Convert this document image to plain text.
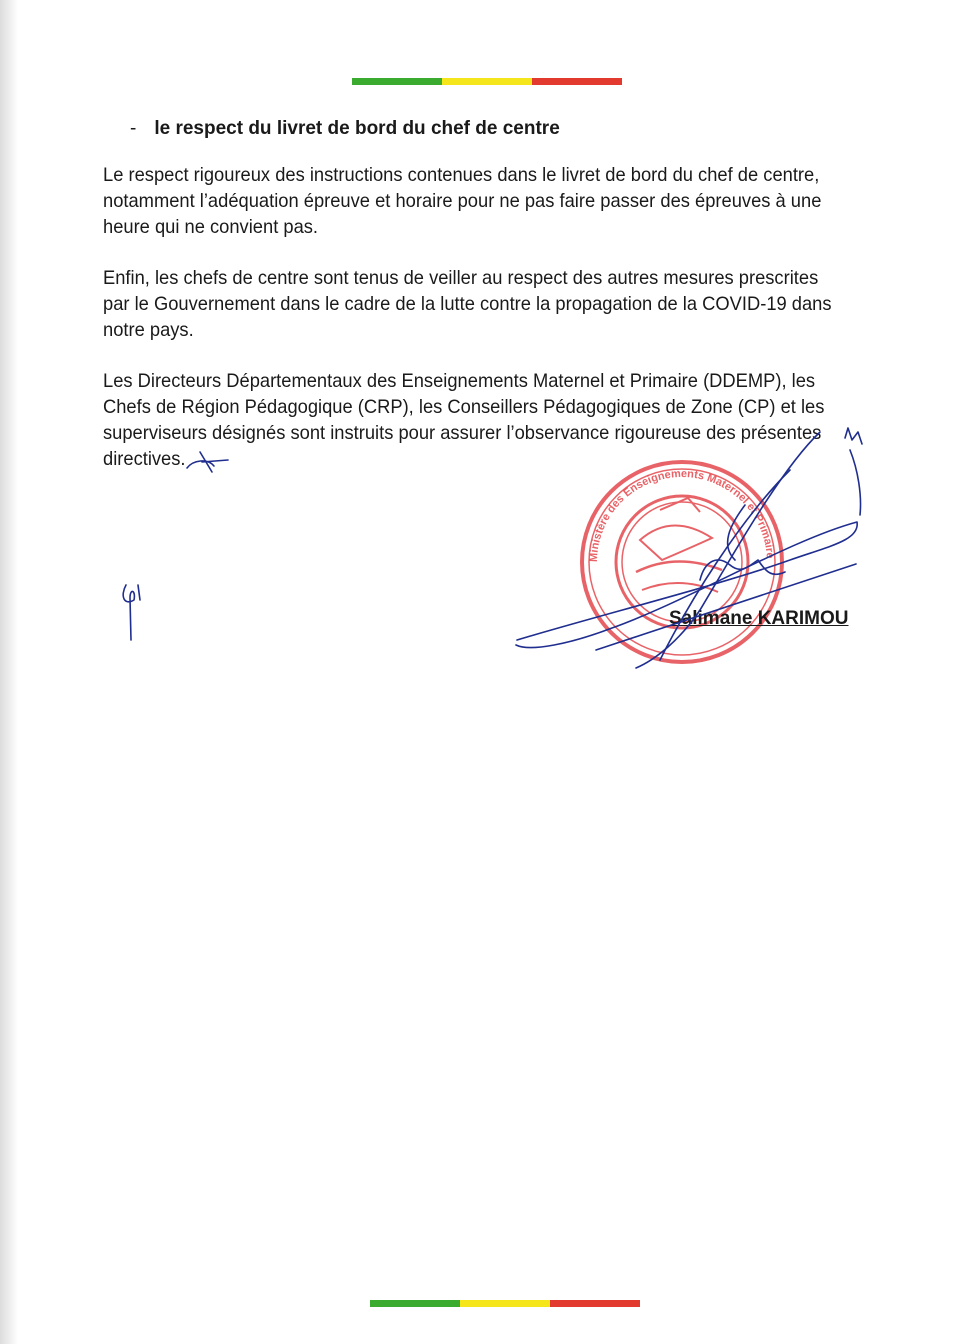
- le respect du livret de bord du chef de centre

Le respect rigoureux des instructions contenues dans le livret de bord du chef de centre,
notamment l’adéquation épreuve et horaire pour ne pas faire passer des épreuves à une
heure qui ne convient pas.

Enfin, les chefs de centre sont tenus de veiller au respect des autres mesures prescrites
par le Gouvernement dans le cadre de la lutte contre la propagation de la COVID-19 dans
notre pays.

Les Directeurs Départementaux des Enseignements Maternel et Primaire (DDEMP), les
Chefs de Région Pédagogique (CRP), les Conseillers Pédagogiques de Zone (CP) et les
superviseurs désignés sont instruits pour assurer l’observance rigoureuse des présentes
directives.

Ministère des Enseignements Maternel et Primaire
Salimane KARIMOU
